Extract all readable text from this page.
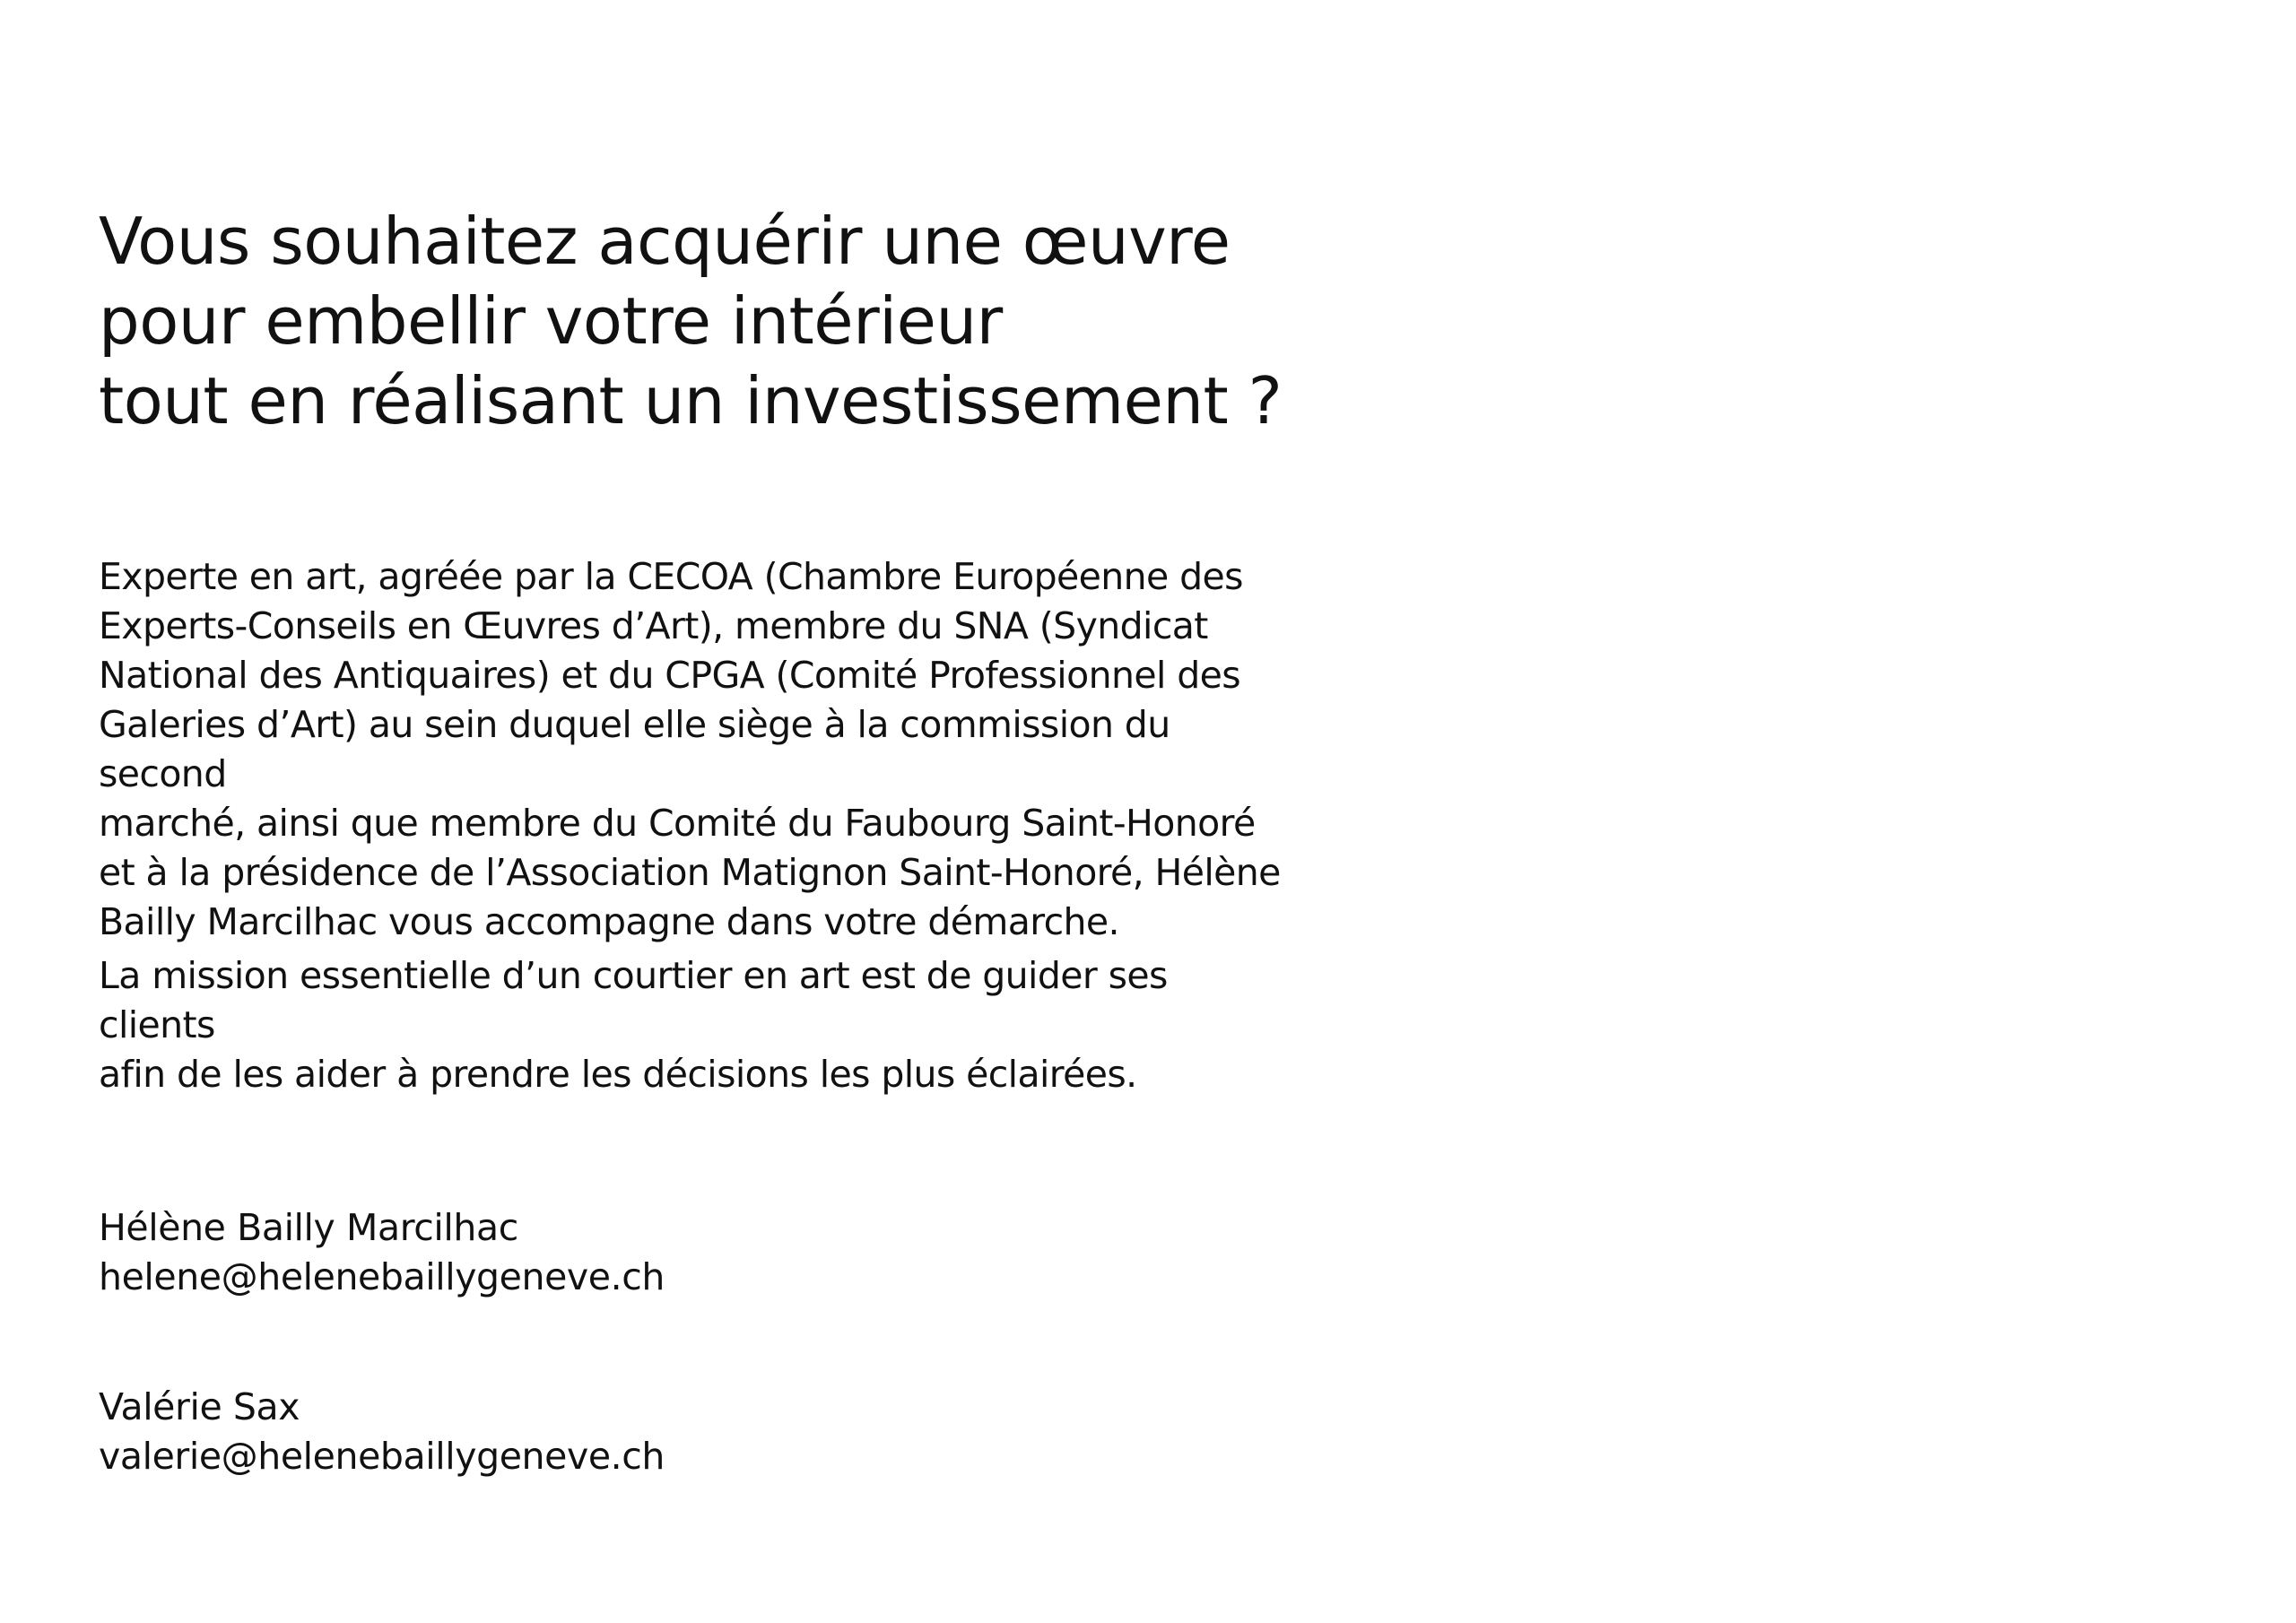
Vous souhaitez acquérir une œuvre
pour embellir votre intérieur
tout en réalisant un investissement ?
Experte en art, agréée par la CECOA (Chambre Européenne des
Experts-Conseils en Œuvres d’Art), membre du SNA (Syndicat
National des Antiquaires) et du CPGA (Comité Professionnel des
Galeries d’Art) au sein duquel elle siège à la commission du second
marché, ainsi que membre du Comité du Faubourg Saint-Honoré
et à la présidence de l’Association Matignon Saint-Honoré, Hélène
Bailly Marcilhac vous accompagne dans votre démarche.
La mission essentielle d’un courtier en art est de guider ses clients
afin de les aider à prendre les décisions les plus éclairées.
Hélène Bailly Marcilhac
helene@helenebaillygeneve.ch
Valérie Sax
valerie@helenebaillygeneve.ch
